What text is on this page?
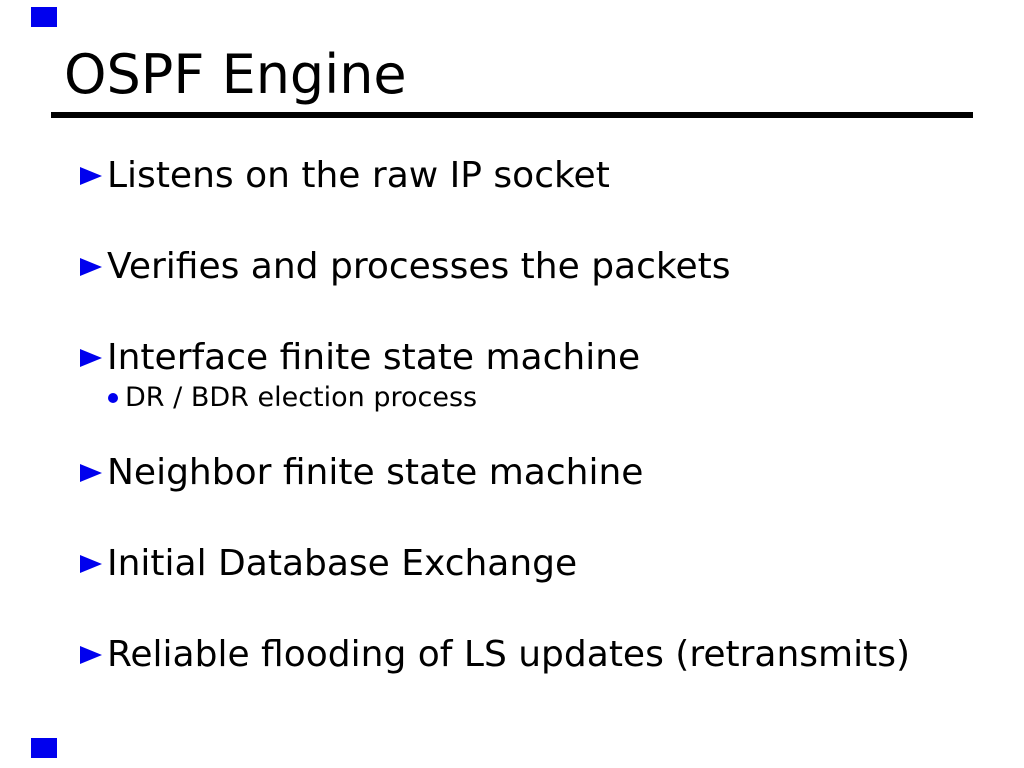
OSPF Engine
Listens on the raw IP socket
Verifies and processes the packets
Interface finite state machine
DR / BDR election process
Neighbor finite state machine
Initial Database Exchange
Reliable flooding of LS updates (retransmits)
